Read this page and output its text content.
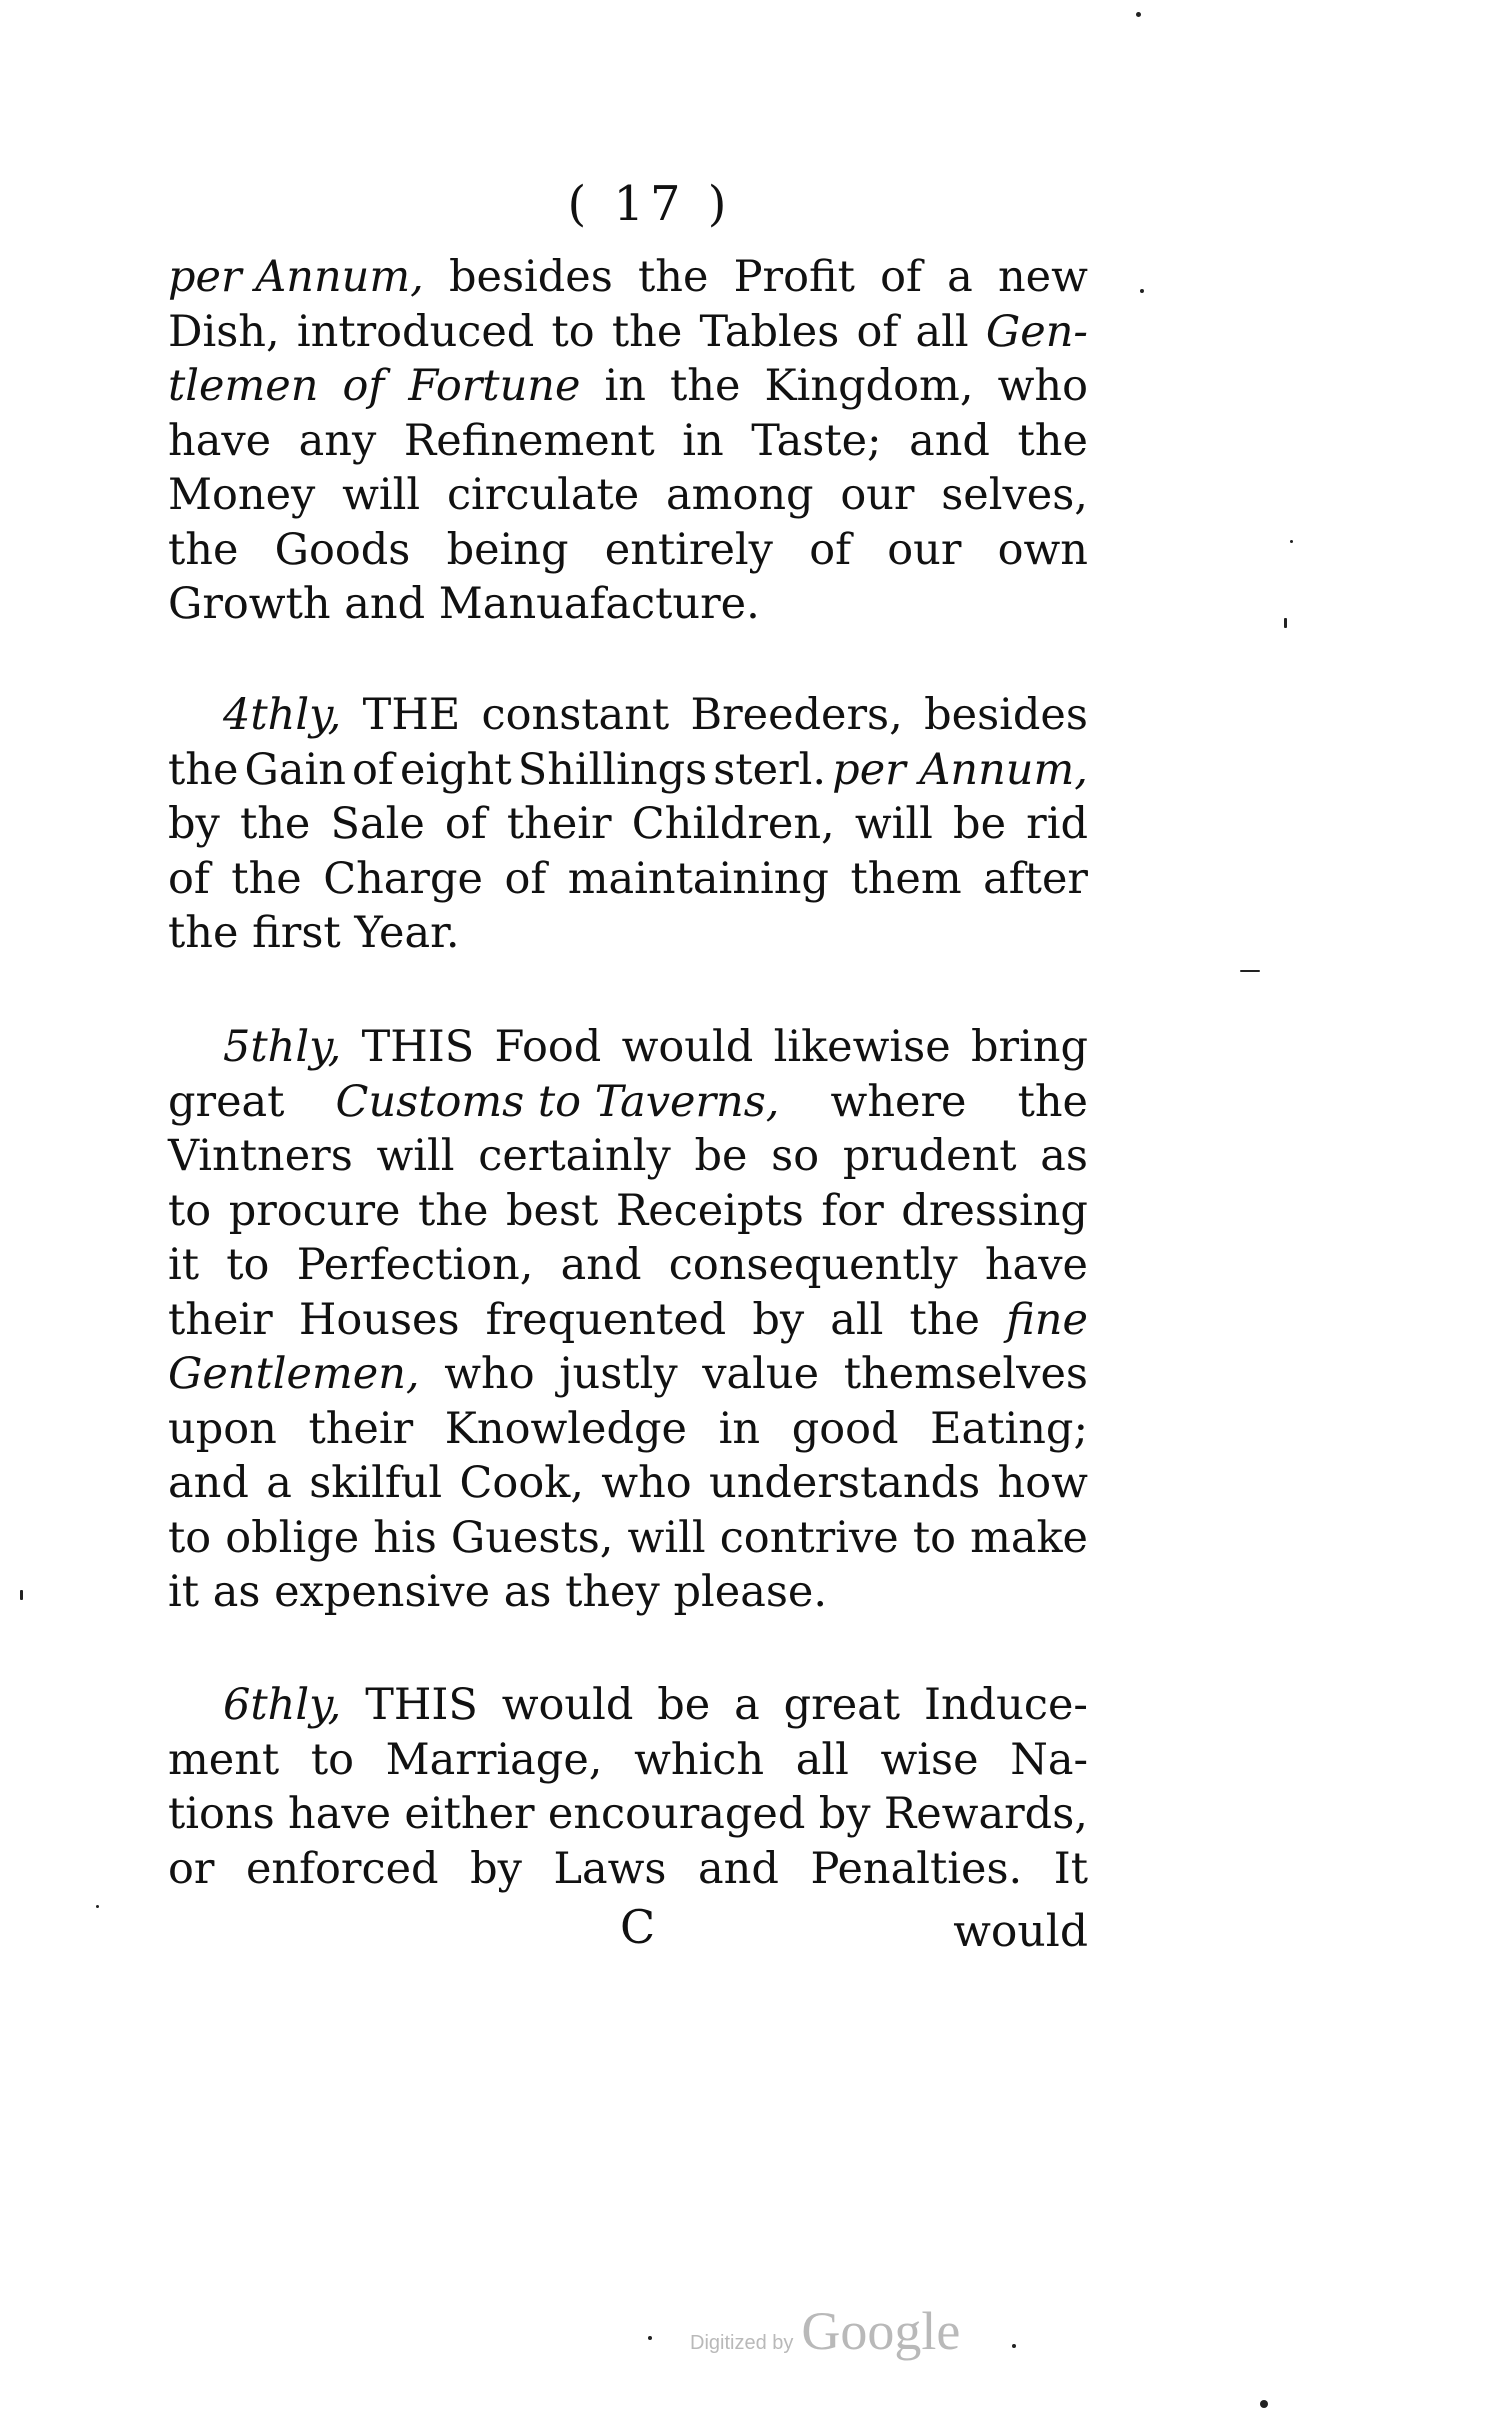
( 17 )
per Annum, besides the Profit of a new
Dish, introduced to the Tables of all Gen-
tlemen of Fortune in the Kingdom, who
have any Refinement in Taste; and the
Money will circulate among our selves,
the Goods being entirely of our own
Growth
and
Manuafacture.
4thly, THE constant Breeders, besides
the Gain of eight Shillings sterl. per Annum,
by the Sale of their Children, will be rid
of the Charge of maintaining them after
the
first
Year.
5thly, THIS Food would likewise bring
great Customs to Taverns, where the
Vintners will certainly be so prudent as
to procure the best Receipts for dressing
it to Perfection, and consequently have
their Houses frequented by all the fine
Gentlemen, who justly value themselves
upon their Knowledge in good Eating;
and a skilful Cook, who understands how
to oblige his Guests, will contrive to make
it
as
expensive
as
they
please.
6thly, THIS would be a great Induce-
ment to Marriage, which all wise Na-
tions have either encouraged by Rewards,
or enforced by Laws and Penalties. It
C	would
Digitized by Google
